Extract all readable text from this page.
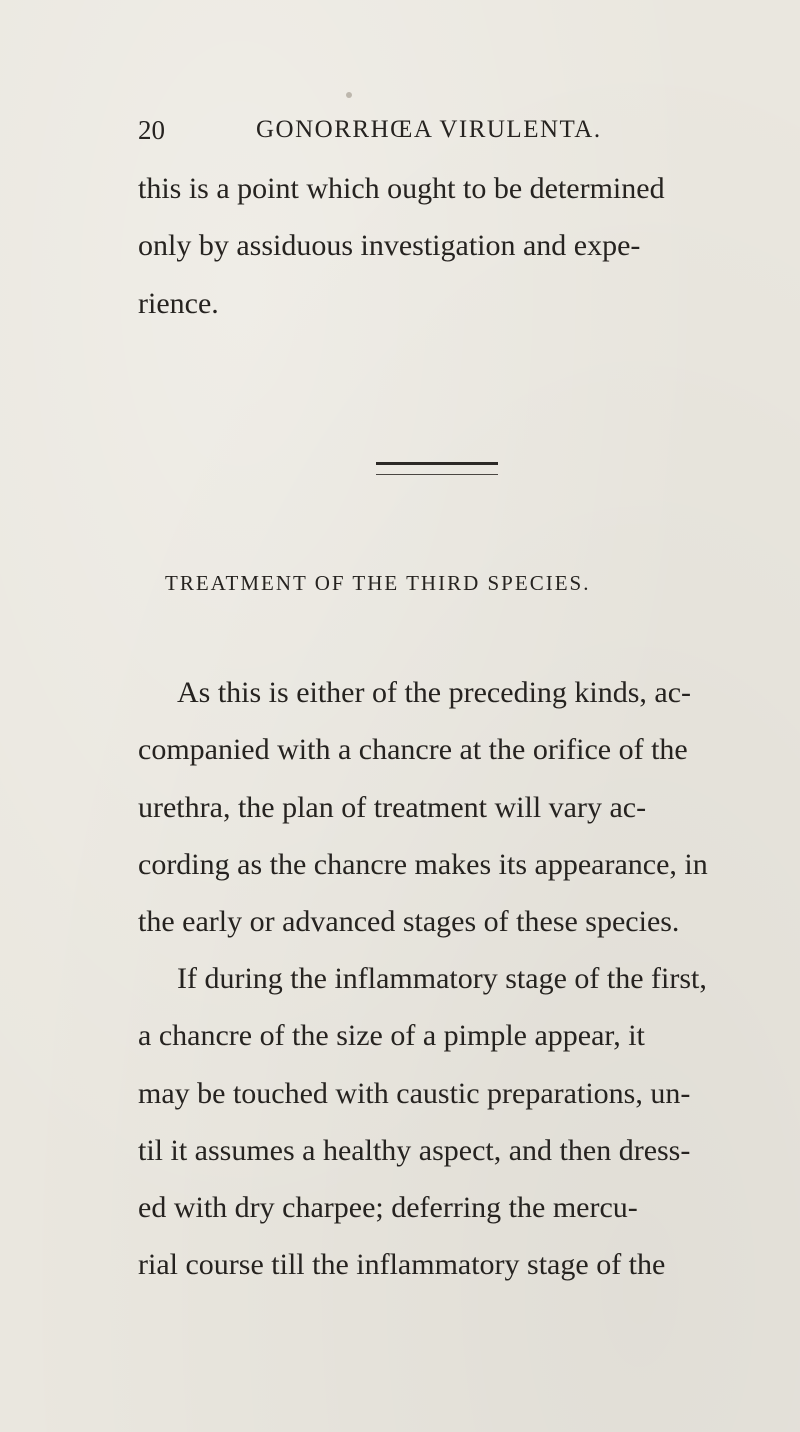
20	GONORRHŒA VIRULENTA.

this is a point which ought to be determined
only by assiduous investigation and expe-
rience.

TREATMENT OF THE THIRD SPECIES.

As this is either of the preceding kinds, ac-
companied with a chancre at the orifice of the
urethra, the plan of treatment will vary ac-
cording as the chancre makes its appearance, in
the early or advanced stages of these species.

If during the inflammatory stage of the first,
a chancre of the size of a pimple appear, it
may be touched with caustic preparations, un-
til it assumes a healthy aspect, and then dress-
ed with dry charpee; deferring the mercu-
rial course till the inflammatory stage of the
